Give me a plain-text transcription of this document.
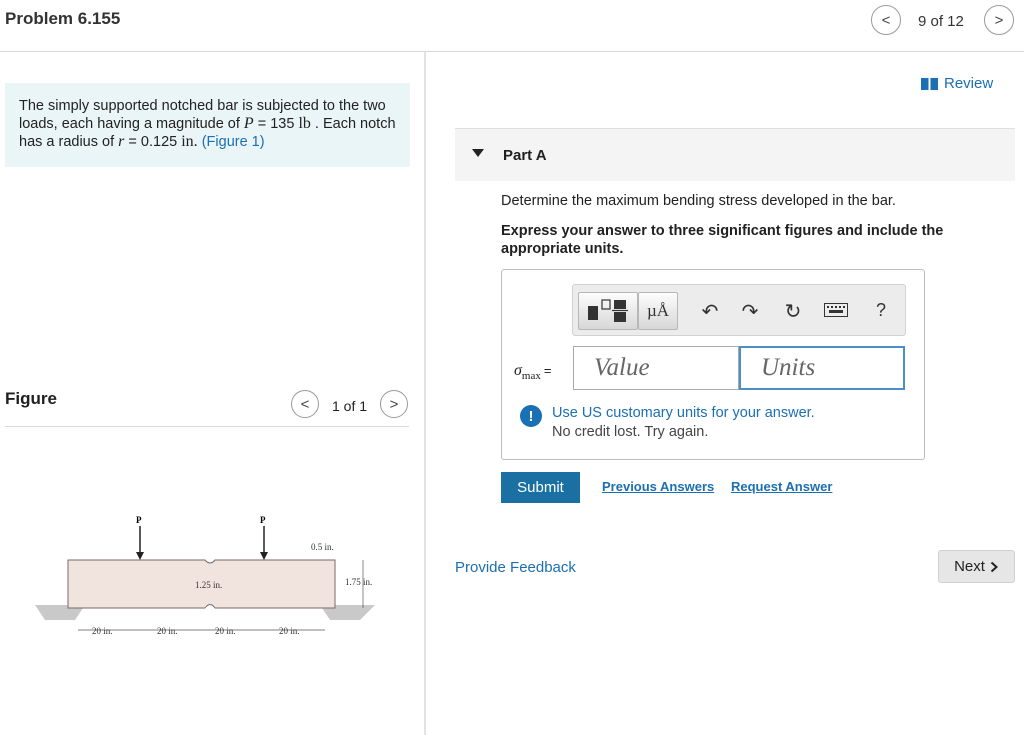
Problem 6.155	<	9 of 12	>
The simply supported notched bar is subjected to the two loads, each having a magnitude of P = 135 lb . Each notch has a radius of r = 0.125 in. (Figure 1)
Figure	<	1 of 1	>
P	P
0.5 in.
1.25 in.	1.75 in.
20 in.	20 in.	20 in.	20 in.
Review
Part A
Determine the maximum bending stress developed in the bar.
Express your answer to three significant figures and include the appropriate units.
µÅ	↶ ↷ ↻	?
$\sigma_{max}$ =
Value
Units
!	Use US customary units for your answer.
No credit lost. Try again.
Submit	Previous Answers Request Answer
Provide Feedback	Next
